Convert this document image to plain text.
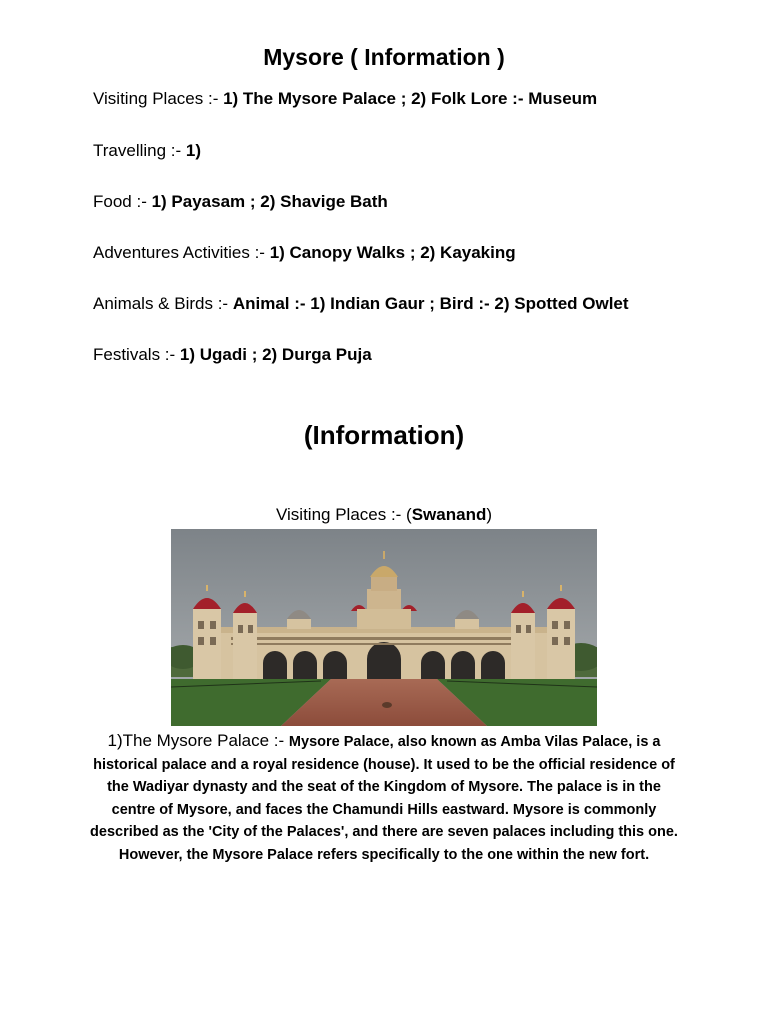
Mysore ( Information )

Visiting Places :- 1) The Mysore Palace ; 2) Folk Lore :- Museum

Travelling :- 1)

Food :- 1) Payasam ; 2) Shavige Bath

Adventures Activities :- 1) Canopy Walks ; 2) Kayaking

Animals & Birds :- Animal :- 1) Indian Gaur ; Bird :- 2) Spotted Owlet

Festivals :- 1) Ugadi ; 2) Durga Puja

(Information)

Visiting Places :- (Swanand)

1)The Mysore Palace :- Mysore Palace, also known as Amba Vilas Palace, is a historical palace and a royal residence (house). It used to be the official residence of the Wadiyar dynasty and the seat of the Kingdom of Mysore. The palace is in the centre of Mysore, and faces the Chamundi Hills eastward. Mysore is commonly described as the 'City of the Palaces', and there are seven palaces including this one. However, the Mysore Palace refers specifically to the one within the new fort.
